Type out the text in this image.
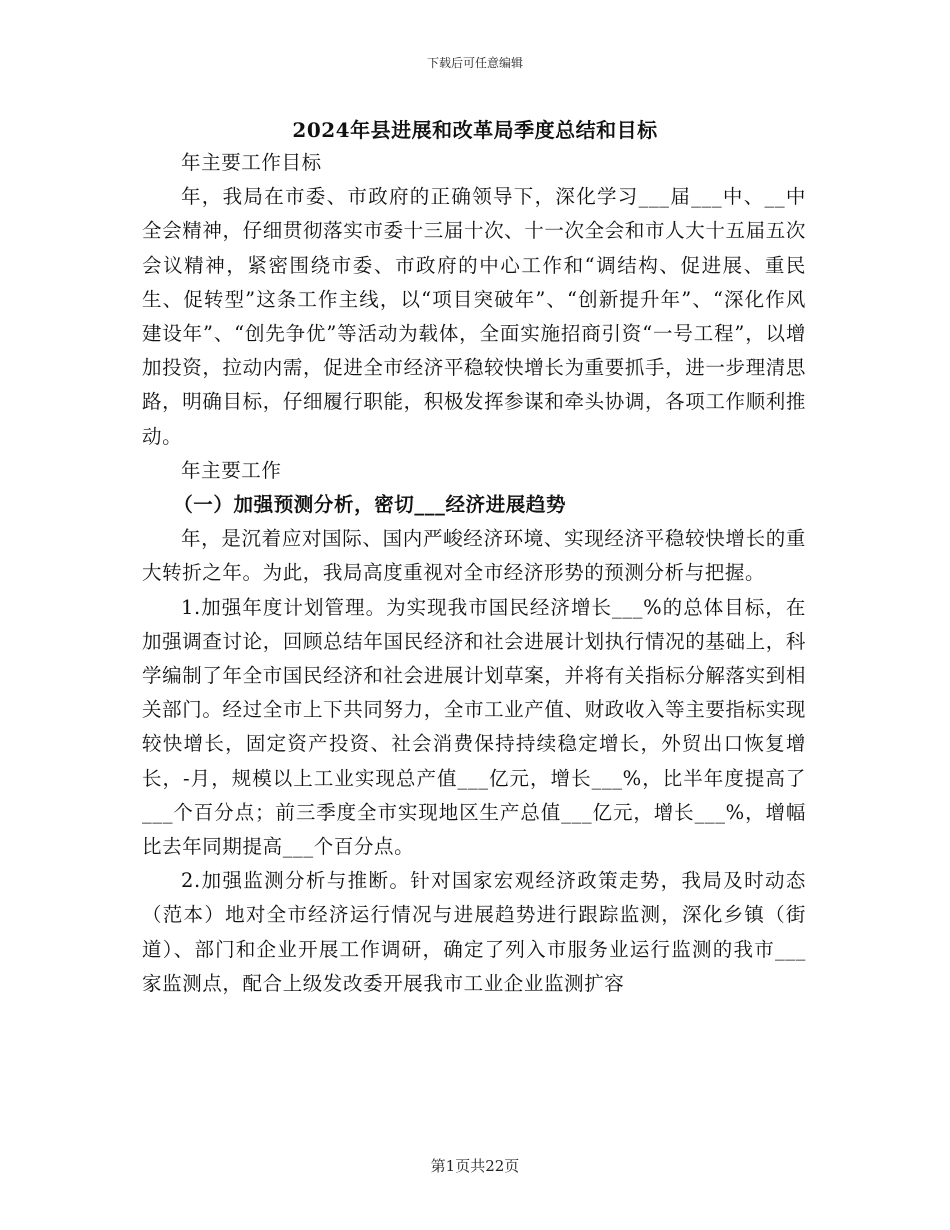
下载后可任意编辑
2024年县进展和改革局季度总结和目标

年主要工作目标

年，我局在市委、市政府的正确领导下，深化学习___届___中、__中全会精神，仔细贯彻落实市委十三届十次、十一次全会和市人大十五届五次会议精神，紧密围绕市委、市政府的中心工作和“调结构、促进展、重民生、促转型”这条工作主线，以“项目突破年”、“创新提升年”、“深化作风建设年”、“创先争优”等活动为载体，全面实施招商引资“一号工程”，以增加投资，拉动内需，促进全市经济平稳较快增长为重要抓手，进一步理清思路，明确目标，仔细履行职能，积极发挥参谋和牵头协调，各项工作顺利推动。

年主要工作

（一）加强预测分析，密切___经济进展趋势

年，是沉着应对国际、国内严峻经济环境、实现经济平稳较快增长的重大转折之年。为此，我局高度重视对全市经济形势的预测分析与把握。

1.加强年度计划管理。为实现我市国民经济增长___%的总体目标，在加强调查讨论，回顾总结年国民经济和社会进展计划执行情况的基础上，科学编制了年全市国民经济和社会进展计划草案，并将有关指标分解落实到相关部门。经过全市上下共同努力，全市工业产值、财政收入等主要指标实现较快增长，固定资产投资、社会消费保持持续稳定增长，外贸出口恢复增长，-月，规模以上工业实现总产值___亿元，增长___%，比半年度提高了___个百分点；前三季度全市实现地区生产总值___亿元，增长___%，增幅比去年同期提高___个百分点。

2.加强监测分析与推断。针对国家宏观经济政策走势，我局及时动态（范本）地对全市经济运行情况与进展趋势进行跟踪监测，深化乡镇（街道）、部门和企业开展工作调研，确定了列入市服务业运行监测的我市___家监测点，配合上级发改委开展我市工业企业监测扩容

第1页共22页
